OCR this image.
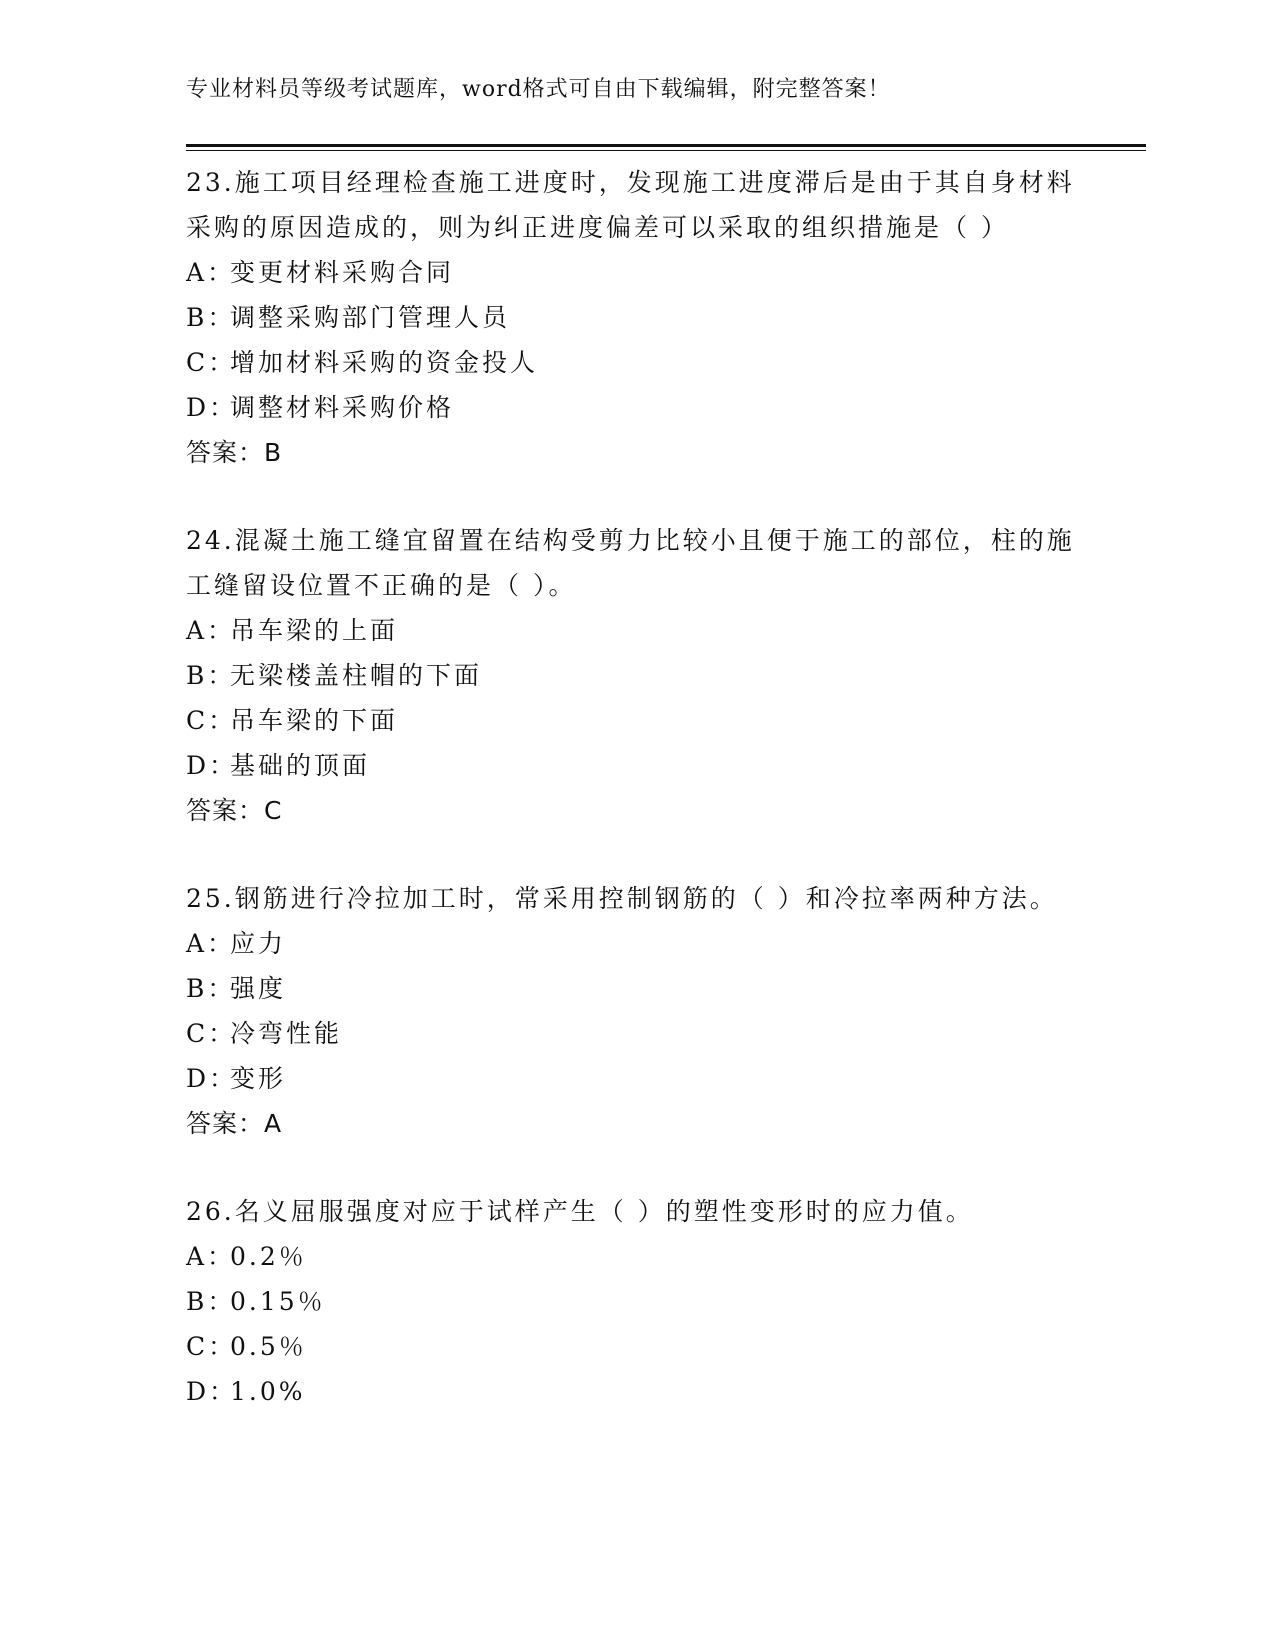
专业材料员等级考试题库，word格式可自由下载编辑，附完整答案！

23.施工项目经理检查施工进度时，发现施工进度滞后是由于其自身材料采购的原因造成的，则为纠正进度偏差可以采取的组织措施是（ ）

A：变更材料采购合同
B：调整采购部门管理人员
C：增加材料采购的资金投人
D：调整材料采购价格
答案：B

24.混凝土施工缝宜留置在结构受剪力比较小且便于施工的部位，柱的施工缝留设位置不正确的是（ ）。

A：吊车梁的上面
B：无梁楼盖柱帽的下面
C：吊车梁的下面
D：基础的顶面
答案：C

25.钢筋进行冷拉加工时，常采用控制钢筋的（ ）和冷拉率两种方法。

A：应力
B：强度
C：冷弯性能
D：变形
答案：A

26.名义屈服强度对应于试样产生（ ）的塑性变形时的应力值。

A：0.2％
B：0.15％
C：0.5％
D：1.0%
